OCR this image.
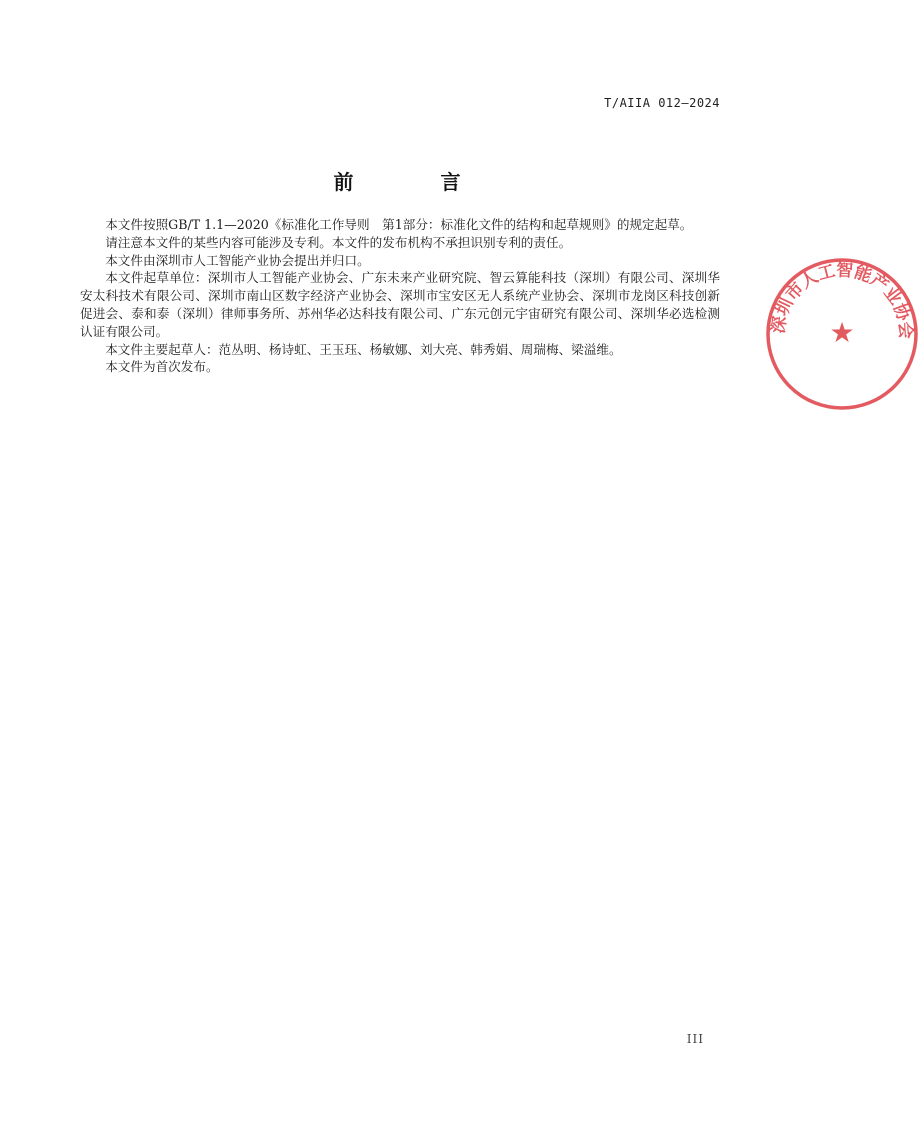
T/AIIA 012—2024
前 言

本文件按照GB/T 1.1—2020《标准化工作导则　第1部分：标准化文件的结构和起草规则》的规定起草。

请注意本文件的某些内容可能涉及专利。本文件的发布机构不承担识别专利的责任。

本文件由深圳市人工智能产业协会提出并归口。

本文件起草单位：深圳市人工智能产业协会、广东未来产业研究院、智云算能科技（深圳）有限公司、深圳华安太科技术有限公司、深圳市南山区数字经济产业协会、深圳市宝安区无人系统产业协会、深圳市龙岗区科技创新促进会、泰和泰（深圳）律师事务所、苏州华必达科技有限公司、广东元创元宇宙研究有限公司、深圳华必选检测认证有限公司。

本文件主要起草人：范丛明、杨诗虹、王玉珏、杨敏娜、刘大亮、韩秀娟、周瑞梅、梁溢维。

本文件为首次发布。

III
深圳市人工智能产业协会
★
